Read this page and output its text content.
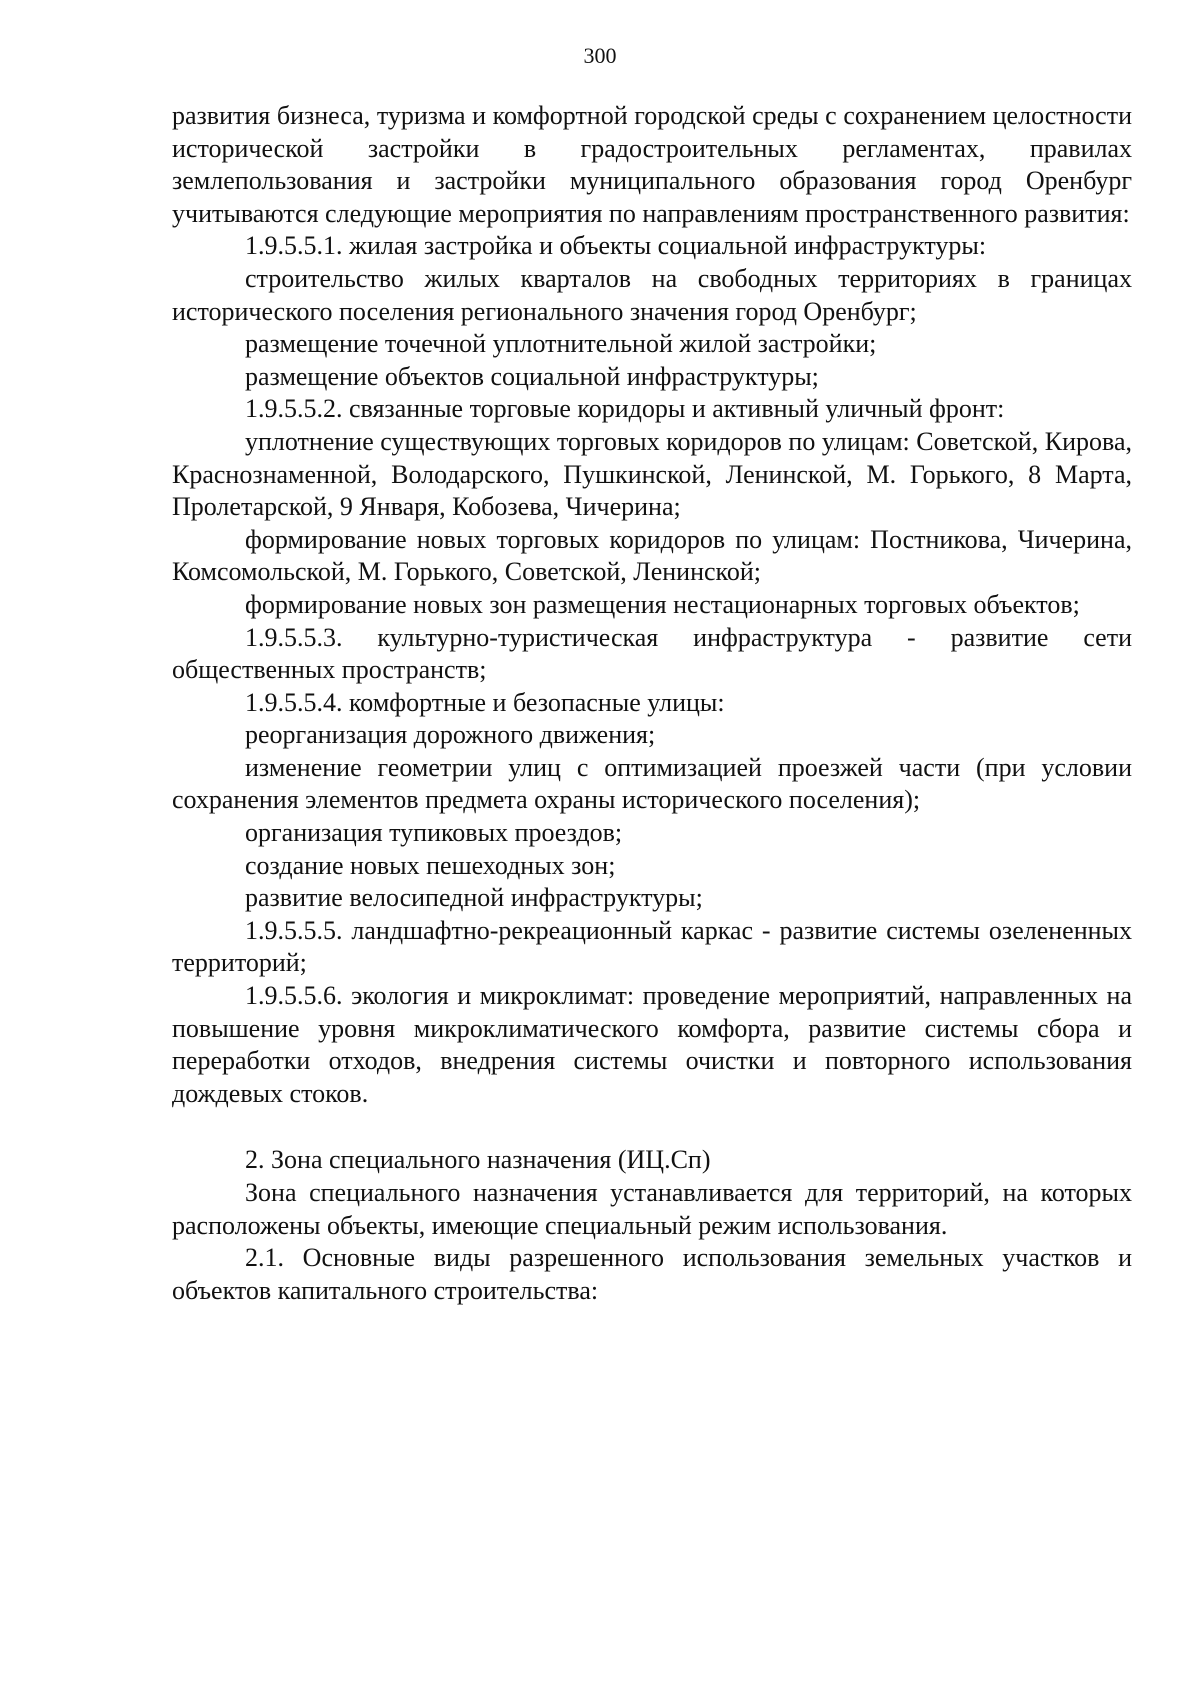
300

развития бизнеса, туризма и комфортной городской среды с сохранением целостности исторической застройки в градостроительных регламентах, правилах землепользования и застройки муниципального образования город Оренбург учитываются следующие мероприятия по направлениям пространственного развития:

1.9.5.5.1. жилая застройка и объекты социальной инфраструктуры:

строительство жилых кварталов на свободных территориях в границах исторического поселения регионального значения город Оренбург;

размещение точечной уплотнительной жилой застройки;

размещение объектов социальной инфраструктуры;

1.9.5.5.2. связанные торговые коридоры и активный уличный фронт:

уплотнение существующих торговых коридоров по улицам: Советской, Кирова, Краснознаменной, Володарского, Пушкинской, Ленинской, М. Горького, 8 Марта, Пролетарской, 9 Января, Кобозева, Чичерина;

формирование новых торговых коридоров по улицам: Постникова, Чичерина, Комсомольской, М. Горького, Советской, Ленинской;

формирование новых зон размещения нестационарных торговых объектов;

1.9.5.5.3. культурно-туристическая инфраструктура - развитие сети общественных пространств;

1.9.5.5.4. комфортные и безопасные улицы:

реорганизация дорожного движения;

изменение геометрии улиц с оптимизацией проезжей части (при условии сохранения элементов предмета охраны исторического поселения);

организация тупиковых проездов;

создание новых пешеходных зон;

развитие велосипедной инфраструктуры;

1.9.5.5.5. ландшафтно-рекреационный каркас - развитие системы озелененных территорий;

1.9.5.5.6. экология и микроклимат: проведение мероприятий, направленных на повышение уровня микроклиматического комфорта, развитие системы сбора и переработки отходов, внедрения системы очистки и повторного использования дождевых стоков.

2. Зона специального назначения (ИЦ.Сп)

Зона специального назначения устанавливается для территорий, на которых расположены объекты, имеющие специальный режим использования.

2.1. Основные виды разрешенного использования земельных участков и объектов капитального строительства:
